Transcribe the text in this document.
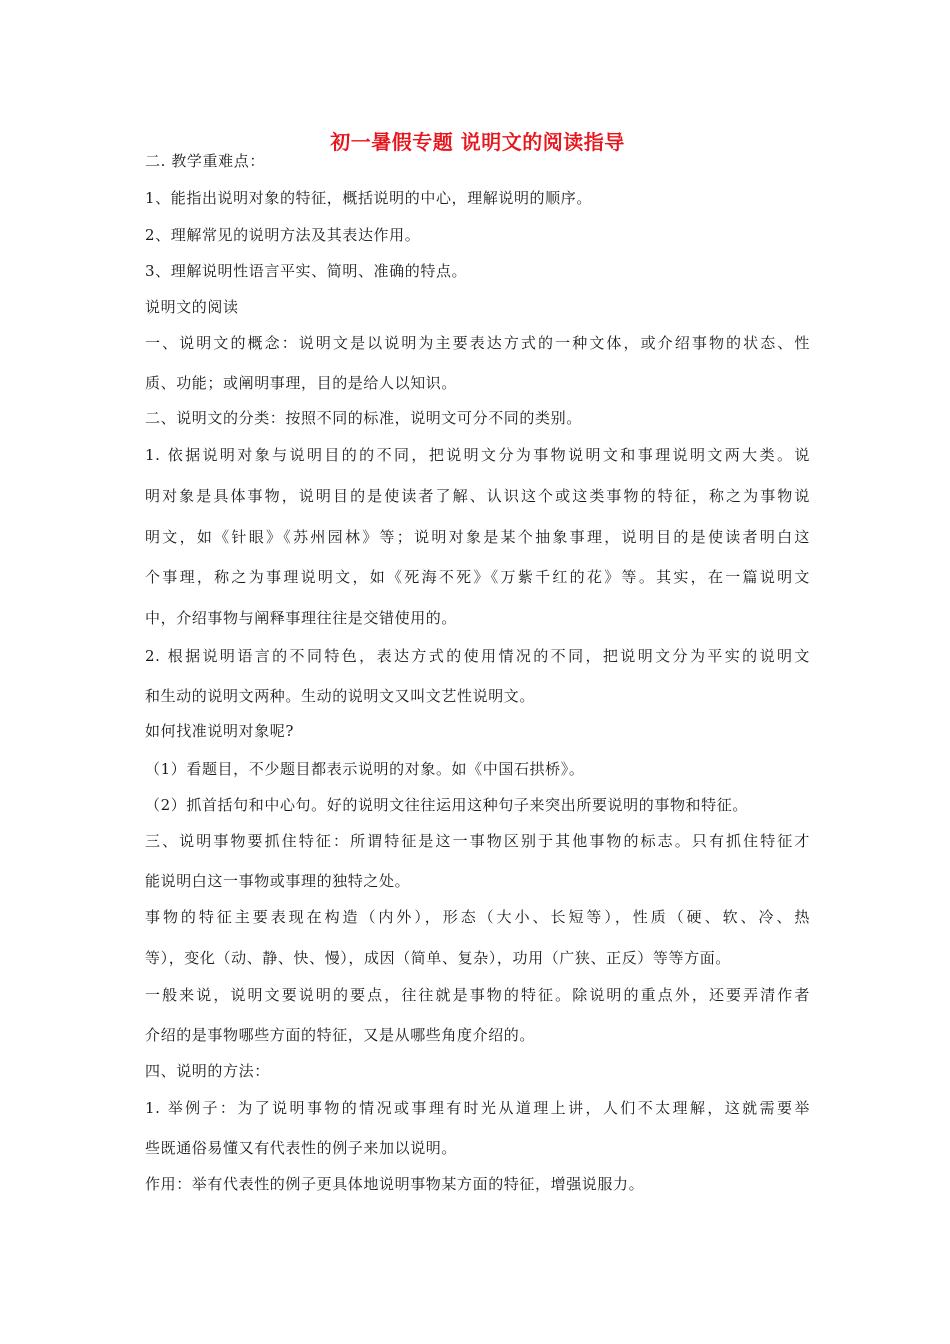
初一暑假专题 说明文的阅读指导
二. 教学重难点：
1、能指出说明对象的特征，概括说明的中心，理解说明的顺序。
2、理解常见的说明方法及其表达作用。
3、理解说明性语言平实、简明、准确的特点。
说明文的阅读
一、说明文的概念：说明文是以说明为主要表达方式的一种文体，或介绍事物的状态、性
质、功能；或阐明事理，目的是给人以知识。
二、说明文的分类：按照不同的标准，说明文可分不同的类别。
1. 依据说明对象与说明目的的不同，把说明文分为事物说明文和事理说明文两大类。说
明对象是具体事物，说明目的是使读者了解、认识这个或这类事物的特征，称之为事物说
明文，如《针眼》《苏州园林》等；说明对象是某个抽象事理，说明目的是使读者明白这
个事理，称之为事理说明文，如《死海不死》《万紫千红的花》等。其实，在一篇说明文
中，介绍事物与阐释事理往往是交错使用的。
2. 根据说明语言的不同特色，表达方式的使用情况的不同，把说明文分为平实的说明文
和生动的说明文两种。生动的说明文又叫文艺性说明文。
如何找准说明对象呢?
（1）看题目，不少题目都表示说明的对象。如《中国石拱桥》。
（2）抓首括句和中心句。好的说明文往往运用这种句子来突出所要说明的事物和特征。
三、说明事物要抓住特征：所谓特征是这一事物区别于其他事物的标志。只有抓住特征才
能说明白这一事物或事理的独特之处。
事物的特征主要表现在构造（内外），形态（大小、长短等），性质（硬、软、冷、热
等），变化（动、静、快、慢），成因（简单、复杂），功用（广狭、正反）等等方面。
一般来说，说明文要说明的要点，往往就是事物的特征。除说明的重点外，还要弄清作者
介绍的是事物哪些方面的特征，又是从哪些角度介绍的。
四、说明的方法：
1. 举例子：为了说明事物的情况或事理有时光从道理上讲，人们不太理解，这就需要举
些既通俗易懂又有代表性的例子来加以说明。
作用：举有代表性的例子更具体地说明事物某方面的特征，增强说服力。
